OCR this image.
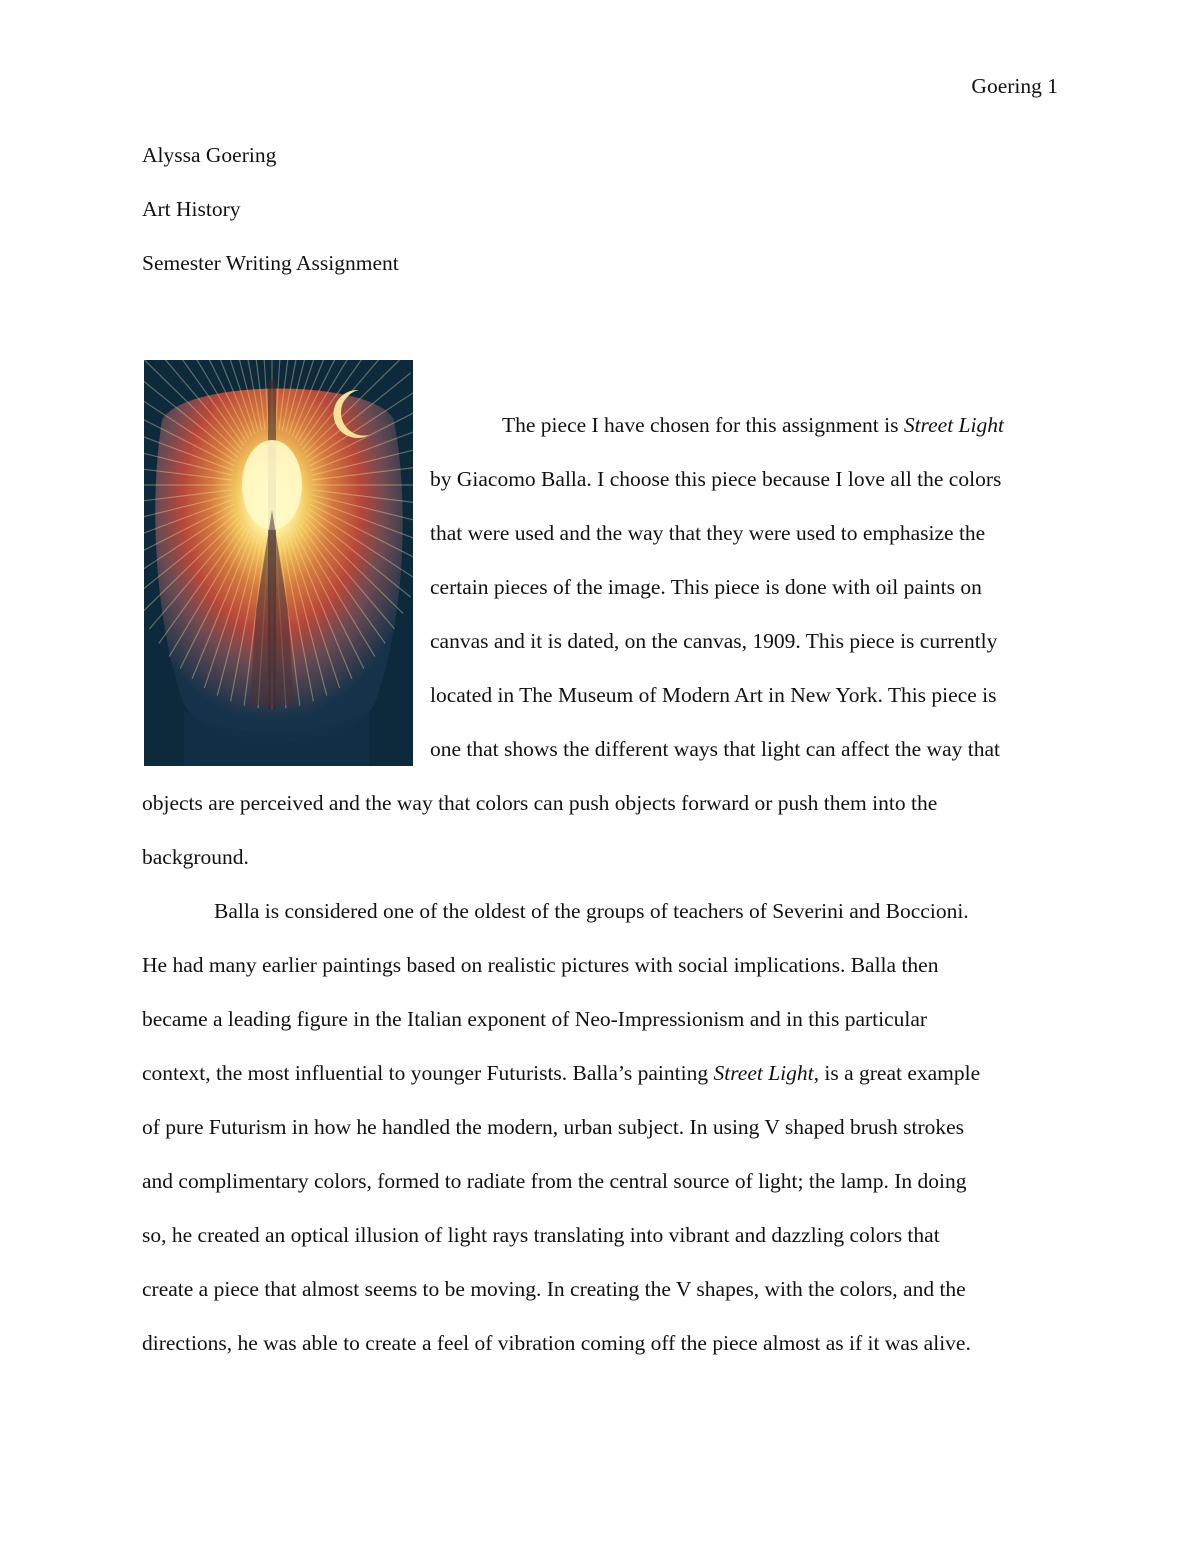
Goering 1
Alyssa Goering
Art History
Semester Writing Assignment
The piece I have chosen for this assignment is Street Light
by Giacomo Balla. I choose this piece because I love all the colors
that were used and the way that they were used to emphasize the
certain pieces of the image. This piece is done with oil paints on
canvas and it is dated, on the canvas, 1909. This piece is currently
located in The Museum of Modern Art in New York. This piece is
one that shows the different ways that light can affect the way that
objects are perceived and the way that colors can push objects forward or push them into the
background.
Balla is considered one of the oldest of the groups of teachers of Severini and Boccioni.
He had many earlier paintings based on realistic pictures with social implications. Balla then
became a leading figure in the Italian exponent of Neo-Impressionism and in this particular
context, the most influential to younger Futurists. Balla’s painting Street Light, is a great example
of pure Futurism in how he handled the modern, urban subject. In using V shaped brush strokes
and complimentary colors, formed to radiate from the central source of light; the lamp. In doing
so, he created an optical illusion of light rays translating into vibrant and dazzling colors that
create a piece that almost seems to be moving. In creating the V shapes, with the colors, and the
directions, he was able to create a feel of vibration coming off the piece almost as if it was alive.
